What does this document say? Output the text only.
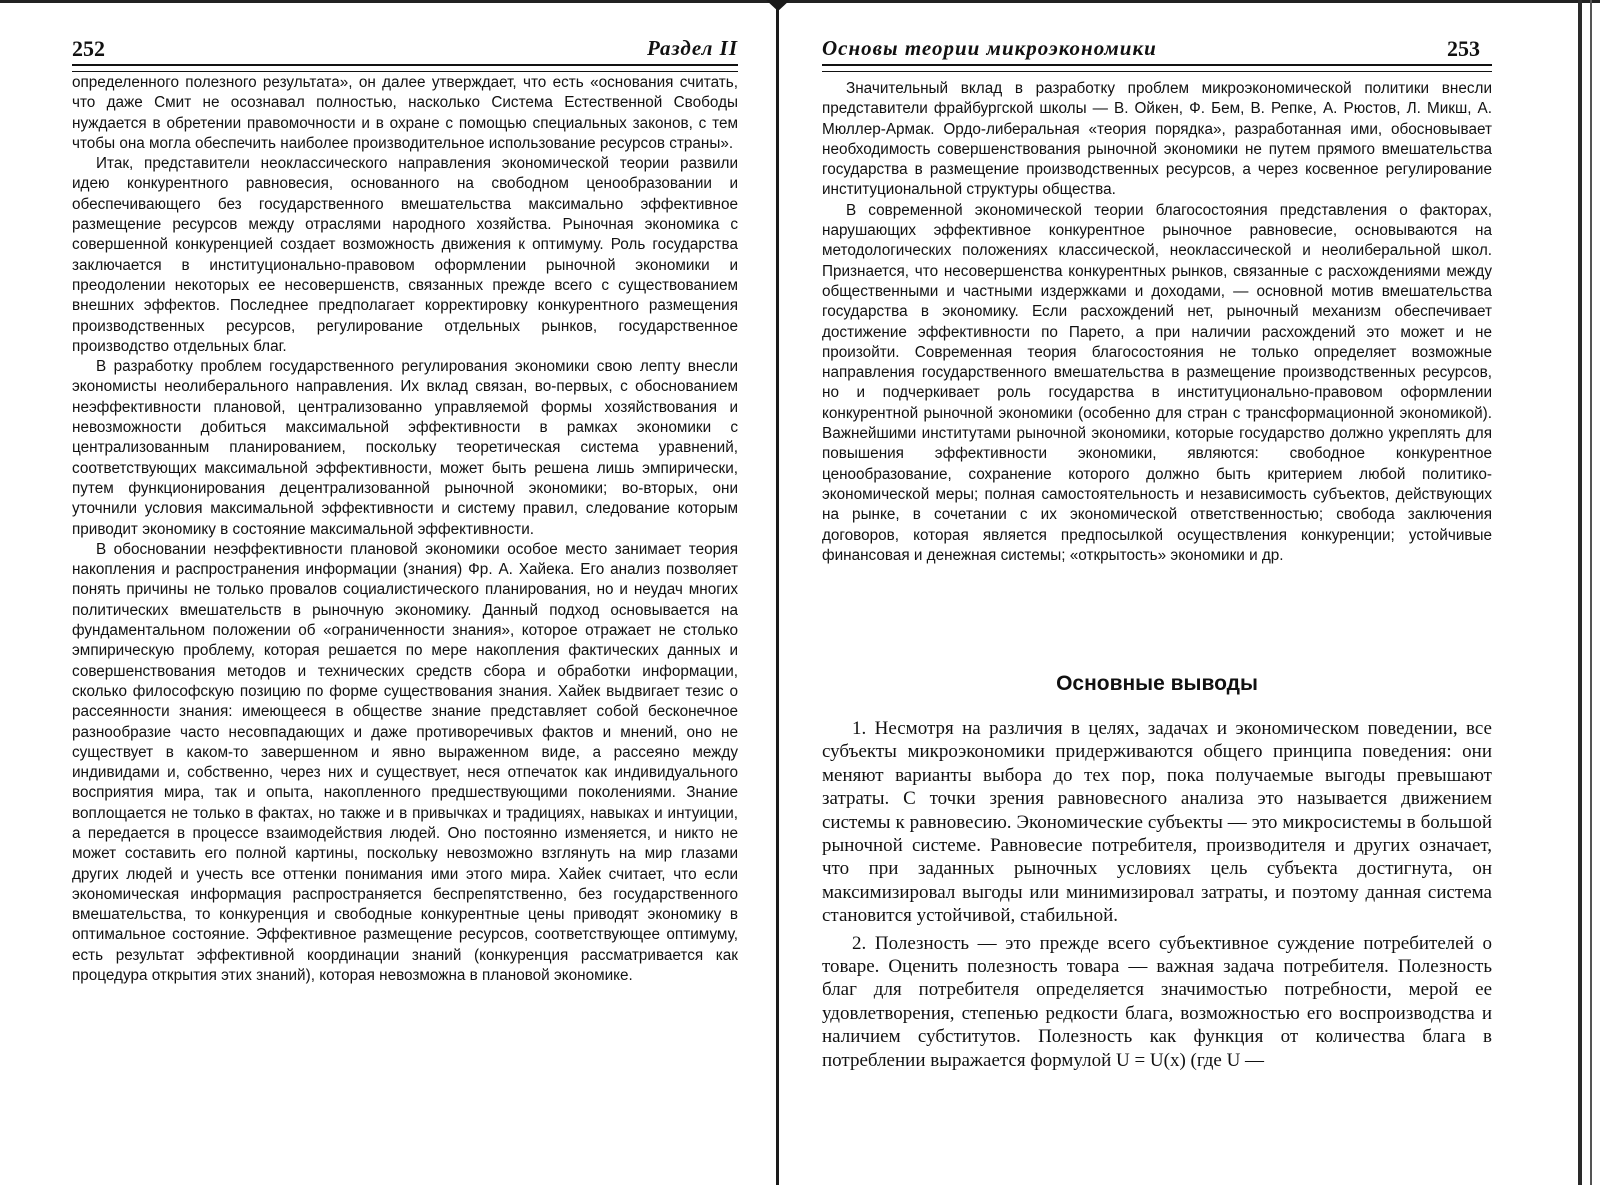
252	Раздел II

определенного полезного результата», он далее утверждает, что есть «основания считать, что даже Смит не осознавал полностью, насколько Система Естественной Свободы нуждается в обретении правомочности и в охране с помощью специальных законов, с тем чтобы она могла обеспечить наиболее производительное использование ресурсов страны».

Итак, представители неоклассического направления экономической теории развили идею конкурентного равновесия, основанного на свободном ценообразовании и обеспечивающего без государственного вмешательства максимально эффективное размещение ресурсов между отраслями народного хозяйства. Рыночная экономика с совершенной конкуренцией создает возможность движения к оптимуму. Роль государства заключается в институционально-правовом оформлении рыночной экономики и преодолении некоторых ее несовершенств, связанных прежде всего с существованием внешних эффектов. Последнее предполагает корректировку конкурентного размещения производственных ресурсов, регулирование отдельных рынков, государственное производство отдельных благ.

В разработку проблем государственного регулирования экономики свою лепту внесли экономисты неолиберального направления. Их вклад связан, во-первых, с обоснованием неэффективности плановой, централизованно управляемой формы хозяйствования и невозможности добиться максимальной эффективности в рамках экономики с централизованным планированием, поскольку теоретическая система уравнений, соответствующих максимальной эффективности, может быть решена лишь эмпирически, путем функционирования децентрализованной рыночной экономики; во-вторых, они уточнили условия максимальной эффективности и систему правил, следование которым приводит экономику в состояние максимальной эффективности.

В обосновании неэффективности плановой экономики особое место занимает теория накопления и распространения информации (знания) Фр. А. Хайека. Его анализ позволяет понять причины не только провалов социалистического планирования, но и неудач многих политических вмешательств в рыночную экономику. Данный подход основывается на фундаментальном положении об «ограниченности знания», которое отражает не столько эмпирическую проблему, которая решается по мере накопления фактических данных и совершенствования методов и технических средств сбора и обработки информации, сколько философскую позицию по форме существования знания. Хайек выдвигает тезис о рассеянности знания: имеющееся в обществе знание представляет собой бесконечное разнообразие часто несовпадающих и даже противоречивых фактов и мнений, оно не существует в каком-то завершенном и явно выраженном виде, а рассеяно между индивидами и, собственно, через них и существует, неся отпечаток как индивидуального восприятия мира, так и опыта, накопленного предшествующими поколениями. Знание воплощается не только в фактах, но также и в привычках и традициях, навыках и интуиции, а передается в процессе взаимодействия людей. Оно постоянно изменяется, и никто не может составить его полной картины, поскольку невозможно взглянуть на мир глазами других людей и учесть все оттенки понимания ими этого мира. Хайек считает, что если экономическая информация распространяется беспрепятственно, без государственного вмешательства, то конкуренция и свободные конкурентные цены приводят экономику в оптимальное состояние. Эффективное размещение ресурсов, соответствующее оптимуму, есть результат эффективной координации знаний (конкуренция рассматривается как процедура открытия этих знаний), которая невозможна в плановой экономике.

Основы теории микроэкономики	253

Значительный вклад в разработку проблем микроэкономической политики внесли представители фрайбургской школы — В. Ойкен, Ф. Бем, В. Репке, А. Рюстов, Л. Микш, А. Мюллер-Армак. Ордо-либеральная «теория порядка», разработанная ими, обосновывает необходимость совершенствования рыночной экономики не путем прямого вмешательства государства в размещение производственных ресурсов, а через косвенное регулирование институциональной структуры общества.

В современной экономической теории благосостояния представления о факторах, нарушающих эффективное конкурентное рыночное равновесие, основываются на методологических положениях классической, неоклассической и неолиберальной школ. Признается, что несовершенства конкурентных рынков, связанные с расхождениями между общественными и частными издержками и доходами, — основной мотив вмешательства государства в экономику. Если расхождений нет, рыночный механизм обеспечивает достижение эффективности по Парето, а при наличии расхождений это может и не произойти. Современная теория благосостояния не только определяет возможные направления государственного вмешательства в размещение производственных ресурсов, но и подчеркивает роль государства в институционально-правовом оформлении конкурентной рыночной экономики (особенно для стран с трансформационной экономикой). Важнейшими институтами рыночной экономики, которые государство должно укреплять для повышения эффективности экономики, являются: свободное конкурентное ценообразование, сохранение которого должно быть критерием любой политико-экономической меры; полная самостоятельность и независимость субъектов, действующих на рынке, в сочетании с их экономической ответственностью; свобода заключения договоров, которая является предпосылкой осуществления конкуренции; устойчивые финансовая и денежная системы; «открытость» экономики и др.

Основные выводы

1. Несмотря на различия в целях, задачах и экономическом поведении, все субъекты микроэкономики придерживаются общего принципа поведения: они меняют варианты выбора до тех пор, пока получаемые выгоды превышают затраты. С точки зрения равновесного анализа это называется движением системы к равновесию. Экономические субъекты — это микросистемы в большой рыночной системе. Равновесие потребителя, производителя и других означает, что при заданных рыночных условиях цель субъекта достигнута, он максимизировал выгоды или минимизировал затраты, и поэтому данная система становится устойчивой, стабильной.

2. Полезность — это прежде всего субъективное суждение потребителей о товаре. Оценить полезность товара — важная задача потребителя. Полезность благ для потребителя определяется значимостью потребности, мерой ее удовлетворения, степенью редкости блага, возможностью его воспроизводства и наличием субститутов. Полезность как функция от количества блага в потреблении выражается формулой U = U(x) (где U —
